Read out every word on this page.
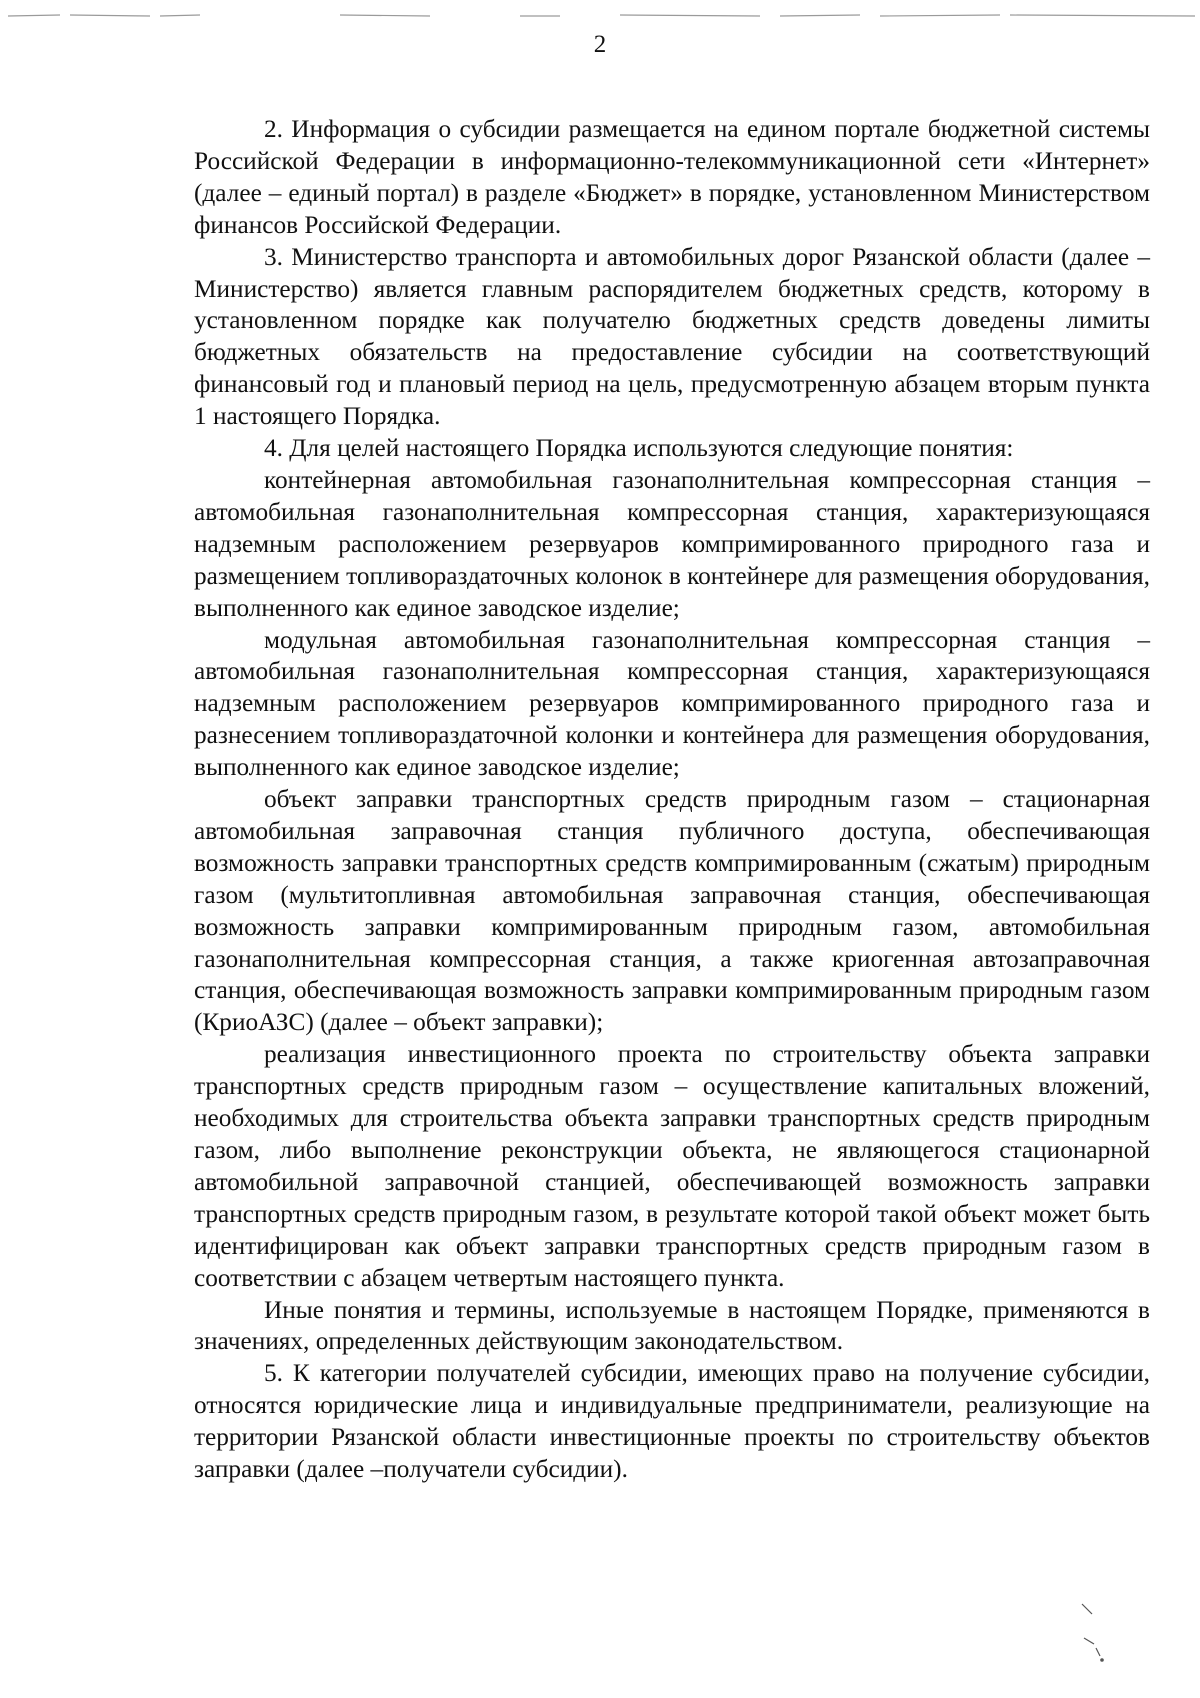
2

2. Информация о субсидии размещается на едином портале бюджетной системы Российской Федерации в информационно-телекоммуникационной сети «Интернет» (далее – единый портал) в разделе «Бюджет» в порядке, установленном Министерством финансов Российской Федерации.

3. Министерство транспорта и автомобильных дорог Рязанской области (далее – Министерство) является главным распорядителем бюджетных средств, которому в установленном порядке как получателю бюджетных средств доведены лимиты бюджетных обязательств на предоставление субсидии на соответствующий финансовый год и плановый период на цель, предусмотренную абзацем вторым пункта 1 настоящего Порядка.

4. Для целей настоящего Порядка используются следующие понятия:

контейнерная автомобильная газонаполнительная компрессорная станция – автомобильная газонаполнительная компрессорная станция, характеризующаяся надземным расположением резервуаров компримированного природного газа и размещением топливораздаточных колонок в контейнере для размещения оборудования, выполненного как единое заводское изделие;

модульная автомобильная газонаполнительная компрессорная станция – автомобильная газонаполнительная компрессорная станция, характеризующаяся надземным расположением резервуаров компримированного природного газа и разнесением топливораздаточной колонки и контейнера для размещения оборудования, выполненного как единое заводское изделие;

объект заправки транспортных средств природным газом – стационарная автомобильная заправочная станция публичного доступа, обеспечивающая возможность заправки транспортных средств компримированным (сжатым) природным газом (мультитопливная автомобильная заправочная станция, обеспечивающая возможность заправки компримированным природным газом, автомобильная газонаполнительная компрессорная станция, а также криогенная автозаправочная станция, обеспечивающая возможность заправки компримированным природным газом (КриоАЗС) (далее – объект заправки);

реализация инвестиционного проекта по строительству объекта заправки транспортных средств природным газом – осуществление капитальных вложений, необходимых для строительства объекта заправки транспортных средств природным газом, либо выполнение реконструкции объекта, не являющегося стационарной автомобильной заправочной станцией, обеспечивающей возможность заправки транспортных средств природным газом, в результате которой такой объект может быть идентифицирован как объект заправки транспортных средств природным газом в соответствии с абзацем четвертым настоящего пункта.

Иные понятия и термины, используемые в настоящем Порядке, применяются в значениях, определенных действующим законодательством.

5. К категории получателей субсидии, имеющих право на получение субсидии, относятся юридические лица и индивидуальные предприниматели, реализующие на территории Рязанской области инвестиционные проекты по строительству объектов заправки (далее –получатели субсидии).
